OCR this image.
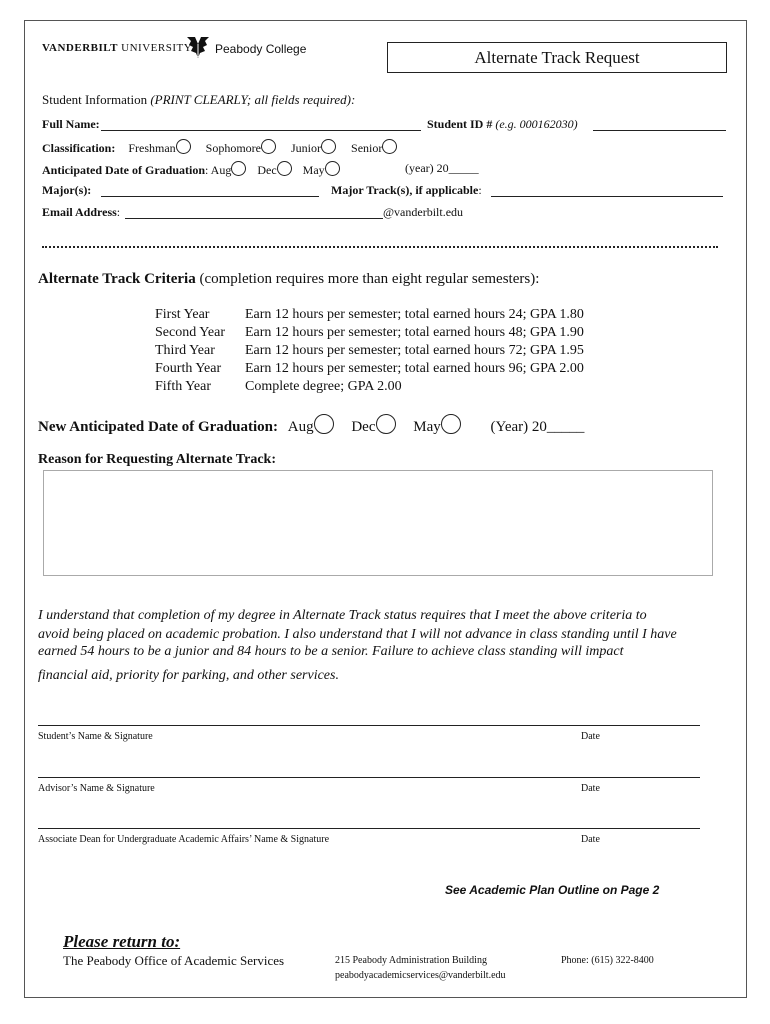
VANDERBILT UNIVERSITY Peabody College	Alternate Track Request
Student Information (PRINT CLEARLY; all fields required):
Full Name:	Student ID # (e.g. 000162030)
Classification: Freshman	Sophomore	Junior	Senior
Anticipated Date of Graduation: Aug Dec May	(year) 20_____
Major(s):	Major Track(s), if applicable:
Email Address:	@vanderbilt.edu
Alternate Track Criteria (completion requires more than eight regular semesters):
First Year	Earn 12 hours per semester; total earned hours 24; GPA 1.80
Second Year Earn 12 hours per semester; total earned hours 48; GPA 1.90
Third Year Earn 12 hours per semester; total earned hours 72; GPA 1.95
Fourth Year Earn 12 hours per semester; total earned hours 96; GPA 2.00
Fifth Year Complete degree; GPA 2.00
New Anticipated Date of Graduation: Aug	Dec	May	(Year) 20_____
Reason for Requesting Alternate Track:
I understand that completion of my degree in Alternate Track status requires that I meet the above criteria to
avoid being placed on academic probation. I also understand that I will not advance in class standing until I have
earned 54 hours to be a junior and 84 hours to be a senior. Failure to achieve class standing will impact
financial aid, priority for parking, and other services.
Student’s Name & Signature	Date
Advisor’s Name & Signature	Date
Associate Dean for Undergraduate Academic Affairs’ Name & Signature	Date
See Academic Plan Outline on Page 2
Please return to:
The Peabody Office of Academic Services	215 Peabody Administration Building
peabodyacademicservices@vanderbilt.edu
Phone: (615) 322-8400
